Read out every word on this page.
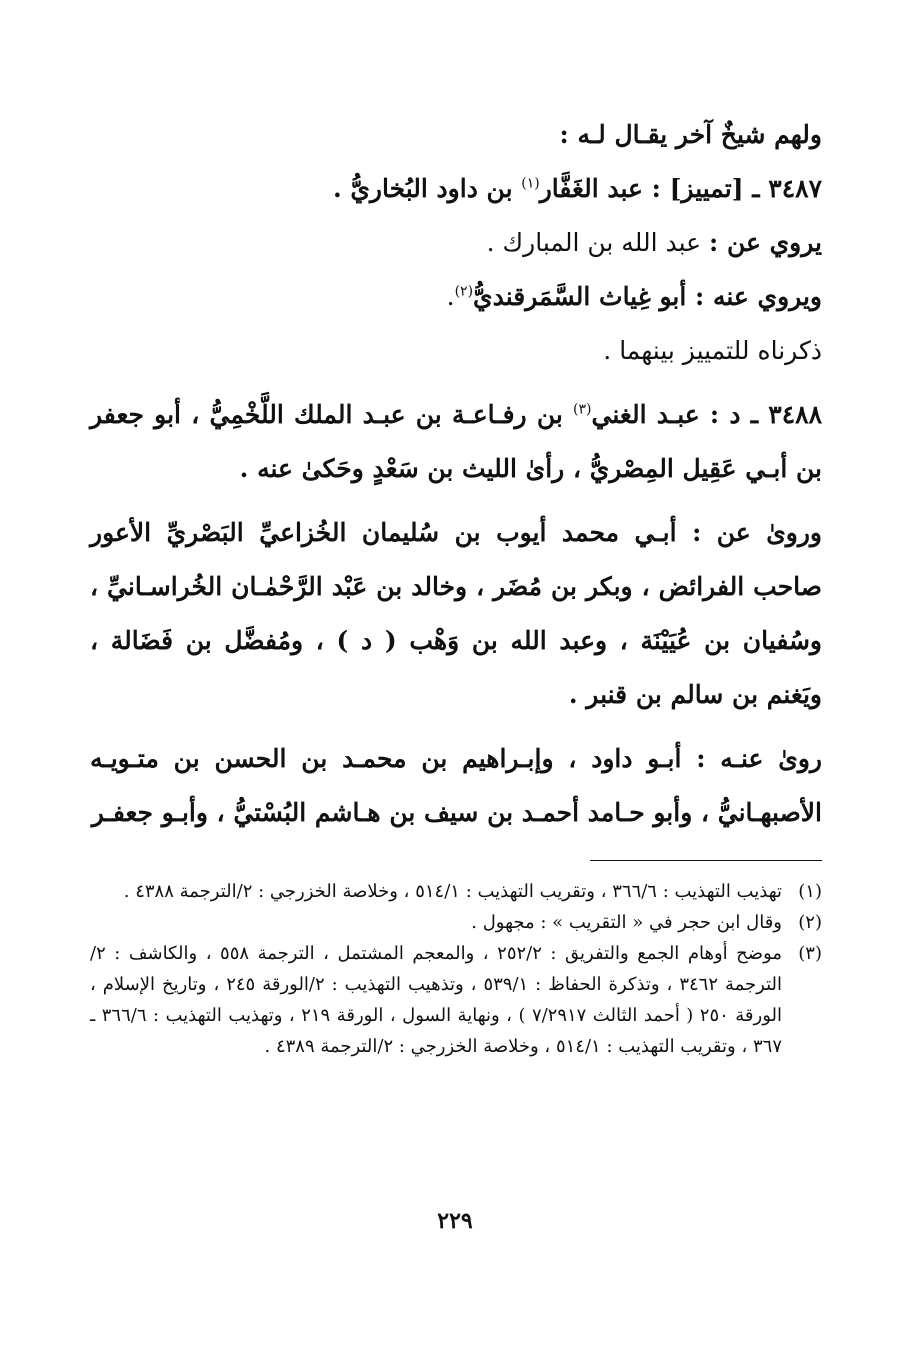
ولهم شيخٌ آخر يقـال لـه :

٣٤٨٧ ـ [تمييز] : عبد الغَفَّار$^{(١)}$ بن داود البُخاريُّ .

يروي عن : عبد الله بن المبارك .

ويروي عنه : أبو غِياث السَّمَرقنديُّ$^{(٢)}$.

ذكرناه للتمييز بينهما .

٣٤٨٨ ـ د : عبـد الغني$^{(٣)}$ بن رفـاعـة بن عبـد الملك اللَّخْمِيُّ ، أبو جعفر بن أبـي عَقِيل المِصْريُّ ، رأىٰ الليث بن سَعْدٍ وحَكىٰ عنه .

وروىٰ عن : أبـي محمد أيوب بن سُليمان الخُزاعيِّ البَصْريِّ الأعور صاحب الفرائض ، وبكر بن مُضَر ، وخالد بن عَبْد الرَّحْمٰـان الخُراسـانيِّ ، وسُفيان بن عُيَيْنَة ، وعبد الله بن وَهْب ( د ) ، ومُفضَّل بن فَضَالة ، ويَغنم بن سالم بن قنبر .

روىٰ عنـه : أبـو داود ، وإبـراهيم بن محمـد بن الحسن بن متـويـه الأصبهـانيُّ ، وأبو حـامد أحمـد بن سيف بن هـاشم البُسْتيُّ ، وأبـو جعفـر

(١)
تهذيب التهذيب : ٣٦٦/٦ ، وتقريب التهذيب : ٥١٤/١ ، وخلاصة الخزرجي : ٢/الترجمة ٤٣٨٨ .
(٢)
وقال ابن حجر في « التقريب » : مجهول .
(٣)
موضح أوهام الجمع والتفريق : ٢٥٢/٢ ، والمعجم المشتمل ، الترجمة ٥٥٨ ، والكاشف : ٢/الترجمة ٣٤٦٢ ، وتذكرة الحفاظ : ٥٣٩/١ ، وتذهيب التهذيب : ٢/الورقة ٢٤٥ ، وتاريخ الإسلام ، الورقة ٢٥٠ ( أحمد الثالث ٧/٢٩١٧ ) ، ونهاية السول ، الورقة ٢١٩ ، وتهذيب التهذيب : ٣٦٦/٦ ـ ٣٦٧ ، وتقريب التهذيب : ٥١٤/١ ، وخلاصة الخزرجي : ٢/الترجمة ٤٣٨٩ .
٢٢٩
